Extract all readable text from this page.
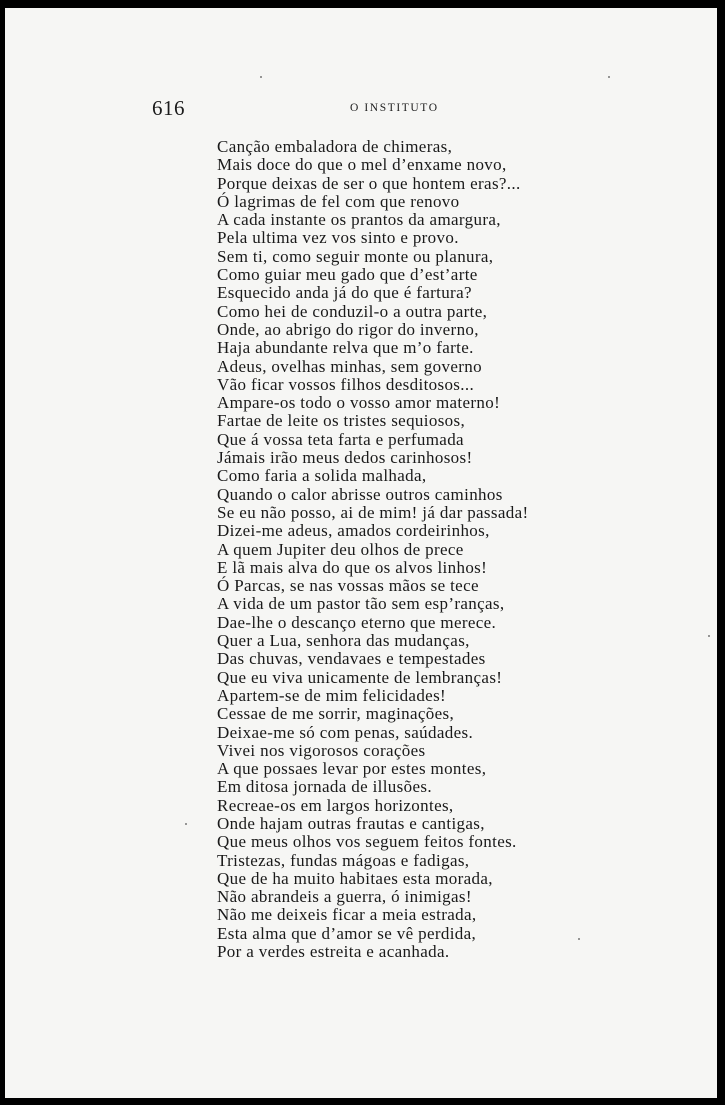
616	O INSTITUTO
Canção embaladora de chimeras,
Mais doce do que o mel d’enxame novo,
Porque deixas de ser o que hontem eras?...
Ó lagrimas de fel com que renovo
A cada instante os prantos da amargura,
Pela ultima vez vos sinto e provo.
Sem ti, como seguir monte ou planura,
Como guiar meu gado que d’est’arte
Esquecido anda já do que é fartura?
Como hei de conduzil-o a outra parte,
Onde, ao abrigo do rigor do inverno,
Haja abundante relva que m’o farte.
Adeus, ovelhas minhas, sem governo
Vão ficar vossos filhos desditosos...
Ampare-os todo o vosso amor materno!
Fartae de leite os tristes sequiosos,
Que á vossa teta farta e perfumada
Jámais irão meus dedos carinhosos!
Como faria a solida malhada,
Quando o calor abrisse outros caminhos
Se eu não posso, ai de mim! já dar passada!
Dizei-me adeus, amados cordeirinhos,
A quem Jupiter deu olhos de prece
E lã mais alva do que os alvos linhos!
Ó Parcas, se nas vossas mãos se tece
A vida de um pastor tão sem esp’ranças,
Dae-lhe o descanço eterno que merece.
Quer a Lua, senhora das mudanças,
Das chuvas, vendavaes e tempestades
Que eu viva unicamente de lembranças!
Apartem-se de mim felicidades!
Cessae de me sorrir, maginações,
Deixae-me só com penas, saúdades.
Vivei nos vigorosos corações
A que possaes levar por estes montes,
Em ditosa jornada de illusões.
Recreae-os em largos horizontes,
Onde hajam outras frautas e cantigas,
Que meus olhos vos seguem feitos fontes.
Tristezas, fundas mágoas e fadigas,
Que de ha muito habitaes esta morada,
Não abrandeis a guerra, ó inimigas!
Não me deixeis ficar a meia estrada,
Esta alma que d’amor se vê perdida,
Por a verdes estreita e acanhada.
